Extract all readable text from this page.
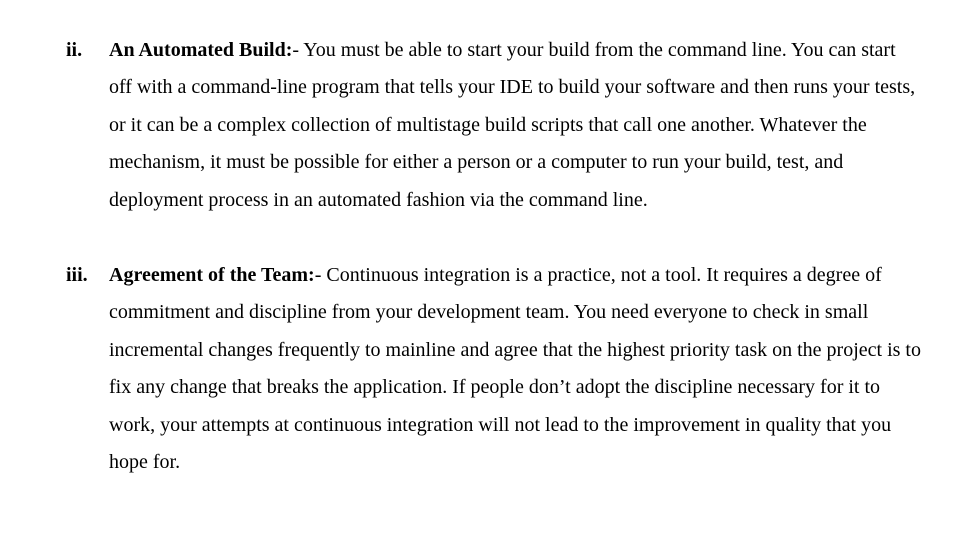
ii. An Automated Build:- You must be able to start your build from the command line. You can start off with a command-line program that tells your IDE to build your software and then runs your tests, or it can be a complex collection of multistage build scripts that call one another. Whatever the mechanism, it must be possible for either a person or a computer to run your build, test, and deployment process in an automated fashion via the command line.
iii. Agreement of the Team:- Continuous integration is a practice, not a tool. It requires a degree of commitment and discipline from your development team. You need everyone to check in small incremental changes frequently to mainline and agree that the highest priority task on the project is to fix any change that breaks the application. If people don’t adopt the discipline necessary for it to work, your attempts at continuous integration will not lead to the improvement in quality that you hope for.
